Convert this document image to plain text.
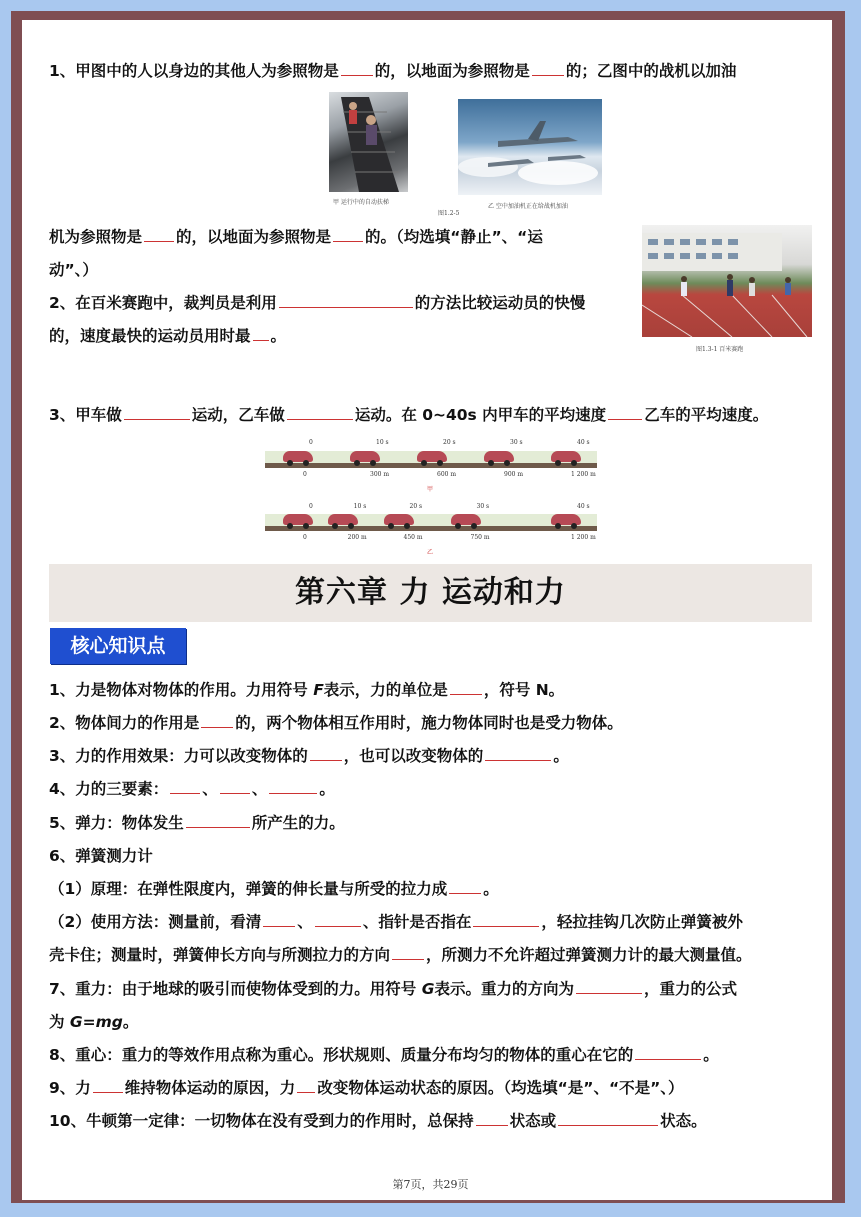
1、甲图中的人以身边的其他人为参照物是 的，以地面为参照物是 的；乙图中的战机以加油
甲 运行中的自动扶梯
乙 空中加油机正在给战机加油
图1.2-5
机为参照物是 的，以地面为参照物是 的。（均选填“静止”、“运
动”、）
图1.3-1 百米赛跑
2、在百米赛跑中，裁判员是利用	的方法比较运动员的快慢
的，速度最快的运动员用时最 。
3、甲车做	运动，乙车做	运动。在 0~40s 内甲车的平均速度 乙车的平均速度。
0
0
10 s
300 m
20 s
600 m
30 s
900 m
40 s
1 200 m
0
0
10 s
200 m
20 s
450 m
30 s
750 m
40 s
1 200 m
甲
乙
第六章 力 运动和力
核心知识点
1、力是物体对物体的作用。力用符号 F表示，力的单位是 ，符号 N。
2、物体间力的作用是 的，两个物体相互作用时，施力物体同时也是受力物体。
3、力的作用效果：力可以改变物体的 ，也可以改变物体的	。
4、力的三要素： 、 、	。
5、弹力：物体发生	所产生的力。
6、弹簧测力计
（1）原理：在弹性限度内，弹簧的伸长量与所受的拉力成 。
（2）使用方法：测量前，看清 、	、指针是否指在	，轻拉挂钩几次防止弹簧被外
壳卡住；测量时，弹簧伸长方向与所测拉力的方向 ，所测力不允许超过弹簧测力计的最大测量值。
7、重力：由于地球的吸引而使物体受到的力。用符号 G表示。重力的方向为	，重力的公式
为 G=mg。
8、重心：重力的等效作用点称为重心。形状规则、质量分布均匀的物体的重心在它的	。
9、力 维持物体运动的原因，力 改变物体运动状态的原因。（均选填“是”、“不是”、）
10、牛顿第一定律：一切物体在没有受到力的作用时，总保持 状态或	状态。
第7页，共29页
